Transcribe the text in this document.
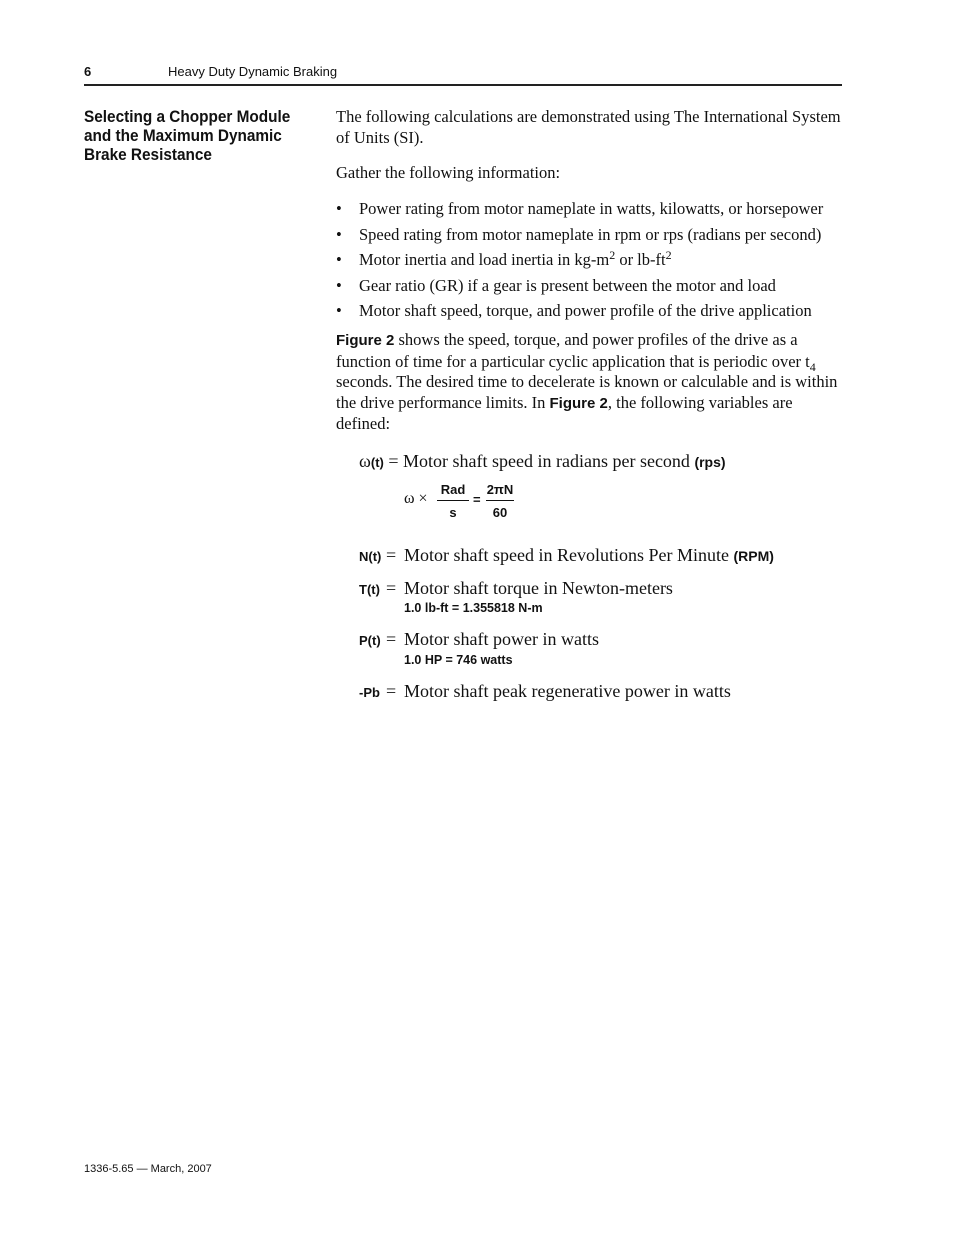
6	Heavy Duty Dynamic Braking
Selecting a Chopper Module and the Maximum Dynamic Brake Resistance
The following calculations are demonstrated using The International System of Units (SI).
Gather the following information:
• Power rating from motor nameplate in watts, kilowatts, or horsepower
• Speed rating from motor nameplate in rpm or rps (radians per second)
• Motor inertia and load inertia in $kg-m^2$ or $lb-ft^2$
• Gear ratio (GR) if a gear is present between the motor and load
• Motor shaft speed, torque, and power profile of the drive application
Figure 2 shows the speed, torque, and power profiles of the drive as a function of time for a particular cyclic application that is periodic over $t_4$ seconds. The desired time to decelerate is known or calculable and is within the drive performance limits. In Figure 2, the following variables are defined:
ω(t) = Motor shaft speed in radians per second (rps)
ω ×
Rad
s
= $\frac{2\pi N}{60}$
N(t) = Motor shaft speed in Revolutions Per Minute (RPM)
T(t) = Motor shaft torque in Newton-meters
1.0 lb-ft = 1.355818 N-m
P(t) = Motor shaft power in watts
1.0 HP = 746 watts
-Pb = Motor shaft peak regenerative power in watts
1336-5.65 — March, 2007
